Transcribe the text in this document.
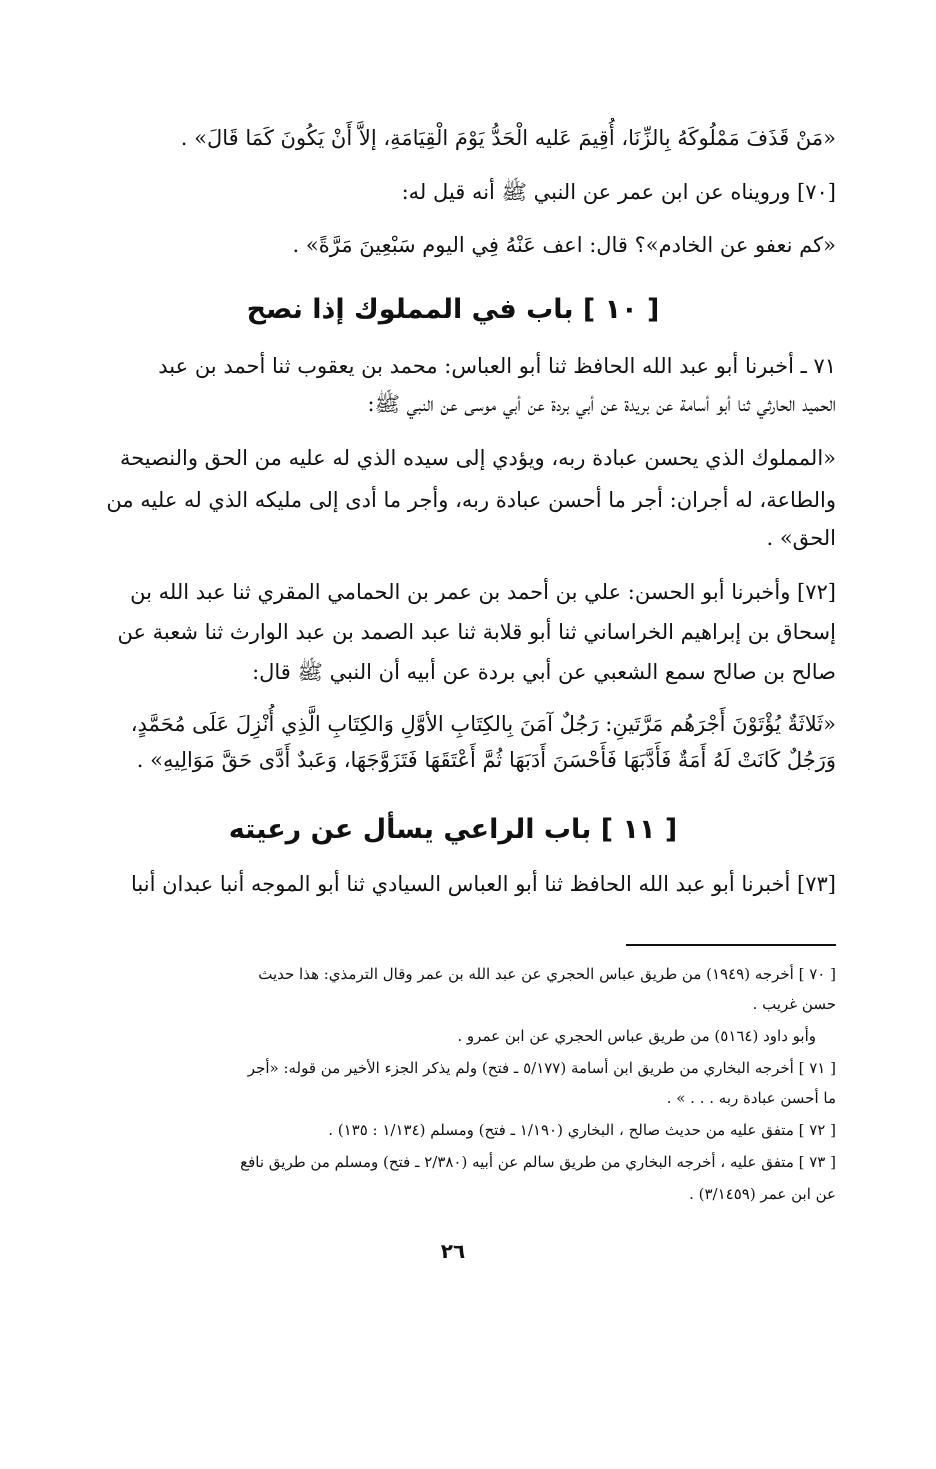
«مَنْ قَذَفَ مَمْلُوكَهُ بِالزِّنَا، أُقِيمَ عَليه الْحَدُّ يَوْمَ الْقِيَامَةِ، إلاَّ أَنْ يَكُونَ كَمَا قَالَ» .
[٧٠] ورويناه عن ابن عمر عن النبي ﷺ أنه قيل له:
«كم نعفو عن الخادم»؟ قال: اعف عَنْهُ فِي اليوم سَبْعِينَ مَرَّةً» .
[ ١٠ ] باب في المملوك إذا نصح
٧١ ـ أخبرنا أبو عبد الله الحافظ ثنا أبو العباس: محمد بن يعقوب ثنا أحمد بن عبد
الحميد الحارثي ثنا أبو أسامة عن بريدة عن أبي بردة عن أبي موسى عن النبي ﷺ:
«المملوك الذي يحسن عبادة ربه، ويؤدي إلى سيده الذي له عليه من الحق والنصيحة
والطاعة، له أجران: أجر ما أحسن عبادة ربه، وأجر ما أدى إلى مليكه الذي له عليه من
الحق» .
[٧٢] وأخبرنا أبو الحسن: علي بن أحمد بن عمر بن الحمامي المقري ثنا عبد الله بن
إسحاق بن إبراهيم الخراساني ثنا أبو قلابة ثنا عبد الصمد بن عبد الوارث ثنا شعبة عن
صالح بن صالح سمع الشعبي عن أبي بردة عن أبيه أن النبي ﷺ قال:
«ثَلاثَةٌ يُؤْتَوْنَ أَجْرَهُم مَرَّتَينِ: رَجُلٌ آمَنَ بِالكِتَابِ الأوَّلِ وَالكِتَابِ الَّذِي أُنْزِلَ عَلَى مُحَمَّدٍ،
وَرَجُلٌ كَانَتْ لَهُ أَمَةٌ فَأَدَّبَهَا فَأَحْسَنَ أَدَبَهَا ثُمَّ أَعْتَقَهَا فَتَزَوَّجَهَا، وَعَبدٌ أَدَّى حَقَّ مَوَالِيهِ» .
[ ١١ ] باب الراعي يسأل عن رعيته
[٧٣] أخبرنا أبو عبد الله الحافظ ثنا أبو العباس السيادي ثنا أبو الموجه أنبا عبدان أنبا
[ ٧٠ ] أخرجه (١٩٤٩) من طريق عباس الحجري عن عبد الله بن عمر وقال الترمذي: هذا حديث
حسن غريب .
وأبو داود (٥١٦٤) من طريق عباس الحجري عن ابن عمرو .
[ ٧١ ] أخرجه البخاري من طريق ابن أسامة (٥/١٧٧ ـ فتح) ولم يذكر الجزء الأخير من قوله: «أجر
ما أحسن عبادة ربه . . . » .
[ ٧٢ ] متفق عليه من حديث صالح ، البخاري (١/١٩٠ ـ فتح) ومسلم (١/١٣٤ : ١٣٥) .
[ ٧٣ ] متفق عليه ، أخرجه البخاري من طريق سالم عن أبيه (٢/٣٨٠ ـ فتح) ومسلم من طريق نافع
عن ابن عمر (٣/١٤٥٩) .
٢٦
